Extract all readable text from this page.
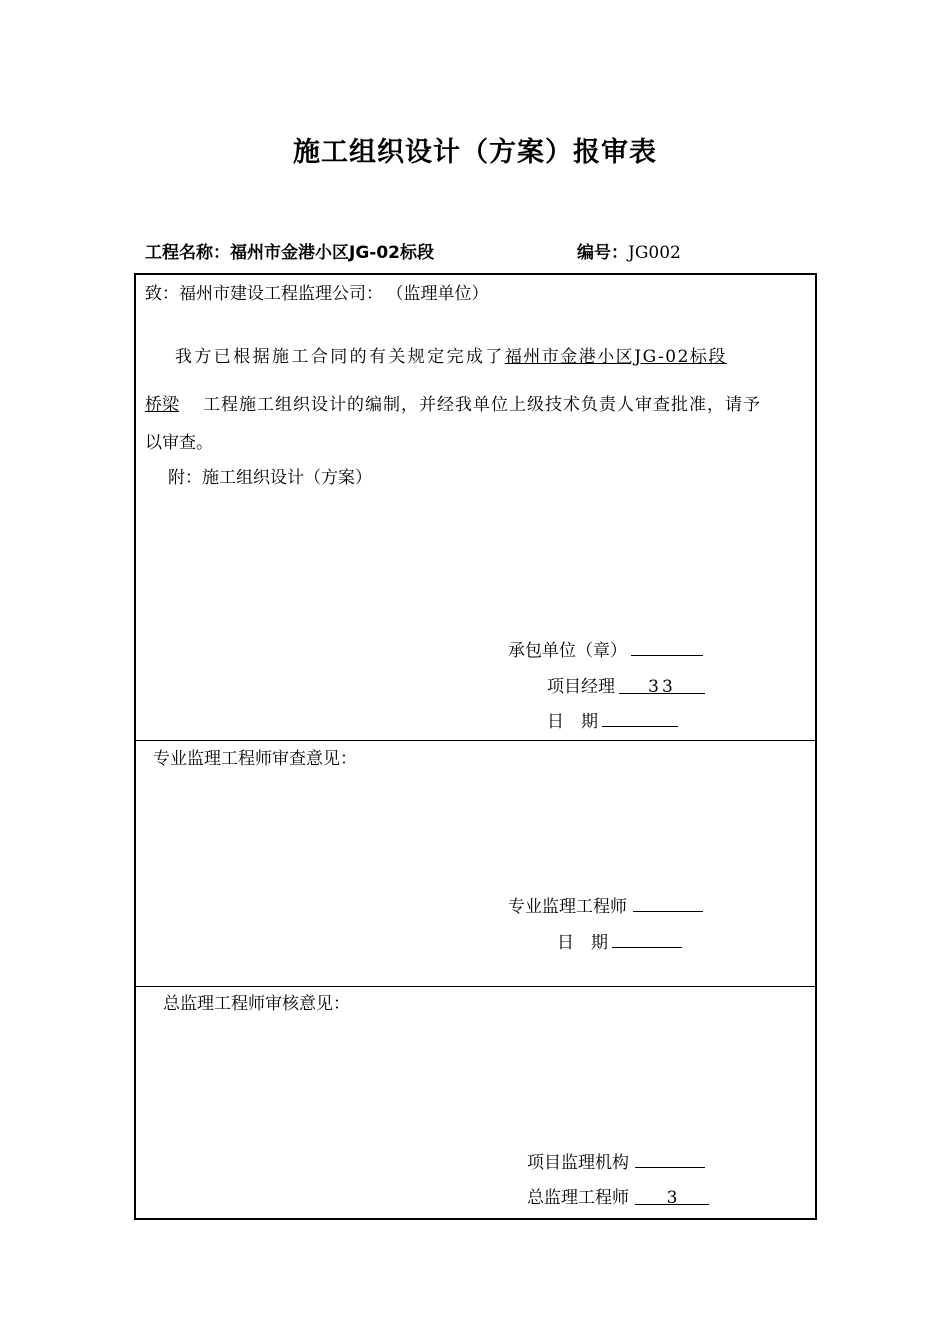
施工组织设计（方案）报审表
工程名称：福州市金港小区JG-02标段	编号：JG002
致：福州市建设工程监理公司： （监理单位）
我方已根据施工合同的有关规定完成了福州市金港小区JG-02标段
桥梁 工程施工组织设计的编制，并经我单位上级技术负责人审查批准，请予
以审查。
附：施工组织设计（方案）
承包单位（章）
项目经理 33
日　期
专业监理工程师审查意见：
专业监理工程师
日　期
总监理工程师审核意见：
项目监理机构
总监理工程师 3
